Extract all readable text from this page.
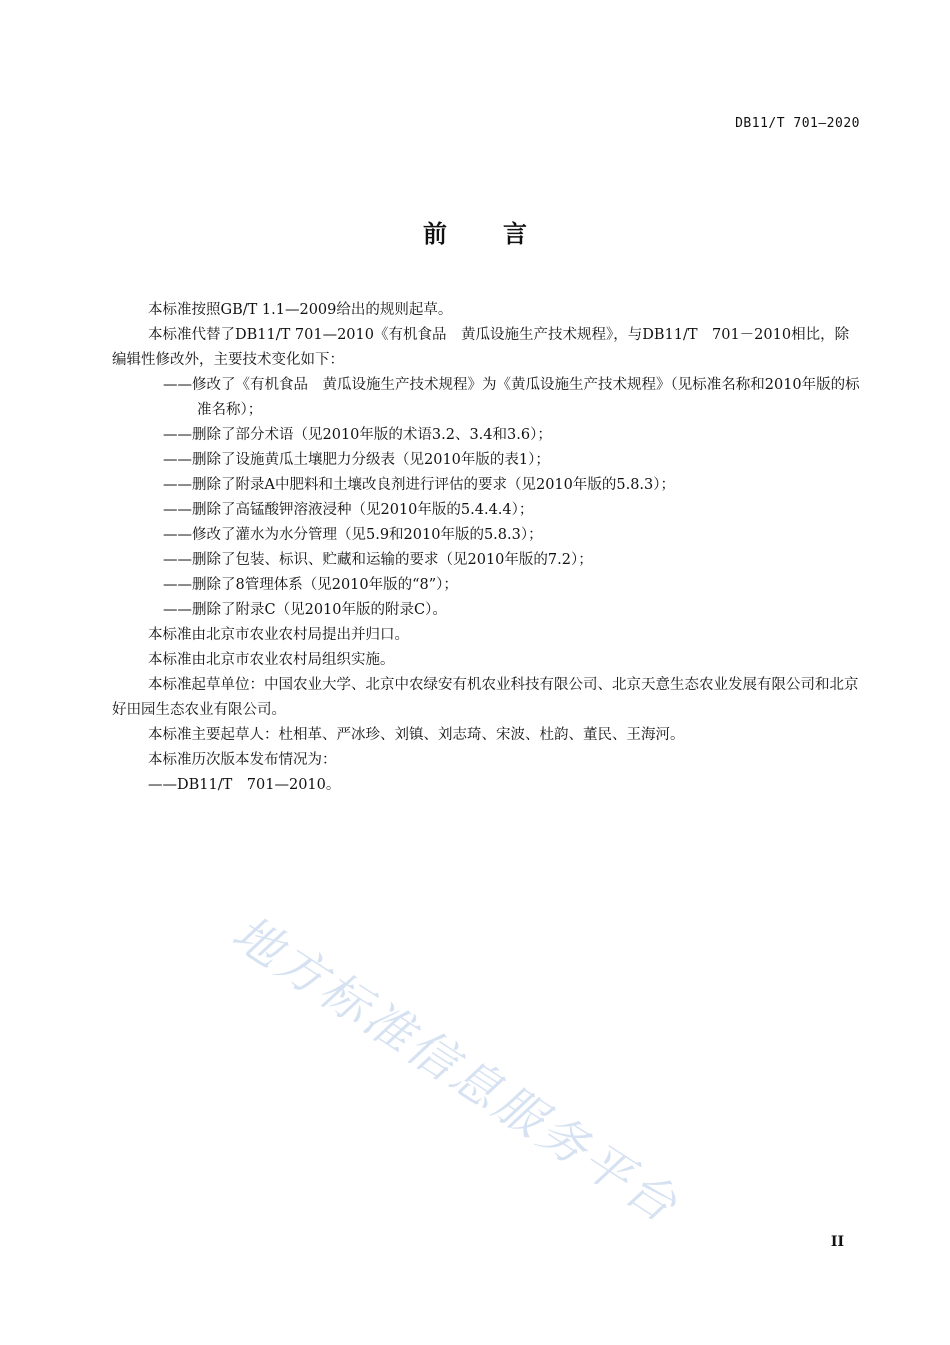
DB11/T 701—2020
前言

本标准按照GB/T 1.1—2009给出的规则起草。

本标准代替了DB11/T 701—2010《有机食品　黄瓜设施生产技术规程》，与DB11/T　701－2010相比，除编辑性修改外，主要技术变化如下：

——修改了《有机食品　黄瓜设施生产技术规程》为《黄瓜设施生产技术规程》（见标准名称和2010年版的标准名称）；

——删除了部分术语（见2010年版的术语3.2、3.4和3.6）；

——删除了设施黄瓜土壤肥力分级表（见2010年版的表1）；

——删除了附录A中肥料和土壤改良剂进行评估的要求（见2010年版的5.8.3）；

——删除了高锰酸钾溶液浸种（见2010年版的5.4.4.4）；

——修改了灌水为水分管理（见5.9和2010年版的5.8.3）；

——删除了包装、标识、贮藏和运输的要求（见2010年版的7.2）；

——删除了8管理体系（见2010年版的“8”）；

——删除了附录C（见2010年版的附录C）。

本标准由北京市农业农村局提出并归口。

本标准由北京市农业农村局组织实施。

本标准起草单位：中国农业大学、北京中农绿安有机农业科技有限公司、北京天意生态农业发展有限公司和北京好田园生态农业有限公司。

本标准主要起草人：杜相革、严冰珍、刘镇、刘志琦、宋波、杜韵、董民、王海河。

本标准历次版本发布情况为：

——DB11/T　701—2010。

地方标准信息服务平台
II
